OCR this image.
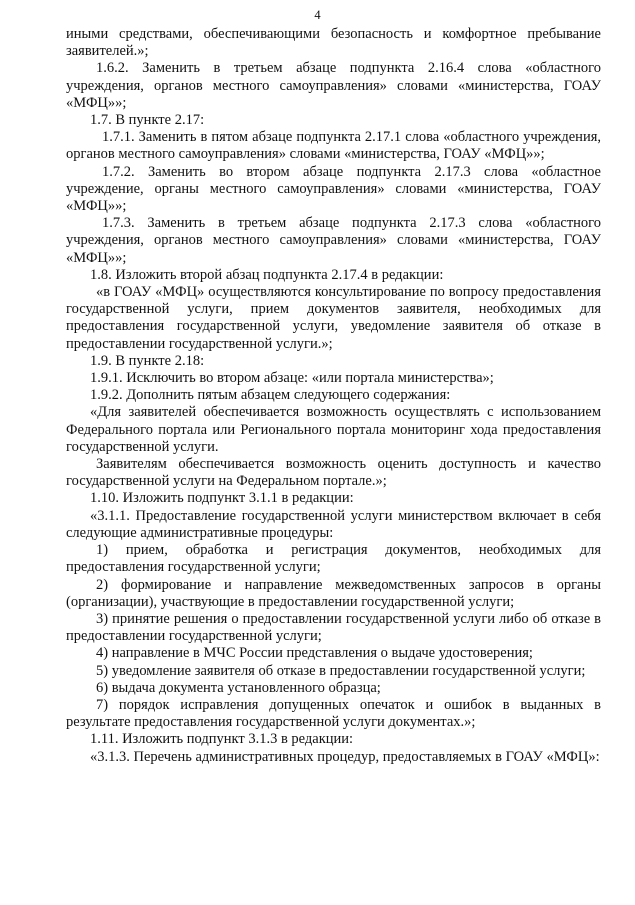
4

иными средствами, обеспечивающими безопасность и комфортное пребывание заявителей.»;

1.6.2. Заменить в третьем абзаце подпункта 2.16.4 слова «областного учреждения, органов местного самоуправления» словами «министерства, ГОАУ «МФЦ»»;

1.7. В пункте 2.17:

1.7.1. Заменить в пятом абзаце подпункта 2.17.1 слова «областного учреждения, органов местного самоуправления» словами «министерства, ГОАУ «МФЦ»»;

1.7.2. Заменить во втором абзаце подпункта 2.17.3 слова «областное учреждение, органы местного самоуправления» словами «министерства, ГОАУ «МФЦ»»;

1.7.3. Заменить в третьем абзаце подпункта 2.17.3 слова «областного учреждения, органов местного самоуправления» словами «министерства, ГОАУ «МФЦ»»;

1.8. Изложить второй абзац подпункта 2.17.4 в редакции:

«в ГОАУ «МФЦ» осуществляются консультирование по вопросу предоставления государственной услуги, прием документов заявителя, необходимых для предоставления государственной услуги, уведомление заявителя об отказе в предоставлении государственной услуги.»;

1.9. В пункте 2.18:

1.9.1. Исключить во втором абзаце: «или портала министерства»;

1.9.2. Дополнить пятым абзацем следующего содержания:

«Для заявителей обеспечивается возможность осуществлять с использованием Федерального портала или Регионального портала мониторинг хода предоставления государственной услуги.

Заявителям обеспечивается возможность оценить доступность и качество государственной услуги на Федеральном портале.»;

1.10. Изложить подпункт 3.1.1 в редакции:

«3.1.1. Предоставление государственной услуги министерством включает в себя следующие административные процедуры:

1) прием, обработка и регистрация документов, необходимых для предоставления государственной услуги;

2) формирование и направление межведомственных запросов в органы (организации), участвующие в предоставлении государственной услуги;

3) принятие решения о предоставлении государственной услуги либо об отказе в предоставлении государственной услуги;

4) направление в МЧС России представления о выдаче удостоверения;

5) уведомление заявителя об отказе в предоставлении государственной услуги;

6) выдача документа установленного образца;

7) порядок исправления допущенных опечаток и ошибок в выданных в результате предоставления государственной услуги документах.»;

1.11. Изложить подпункт 3.1.3 в редакции:

«3.1.3. Перечень административных процедур, предоставляемых в ГОАУ «МФЦ»:
